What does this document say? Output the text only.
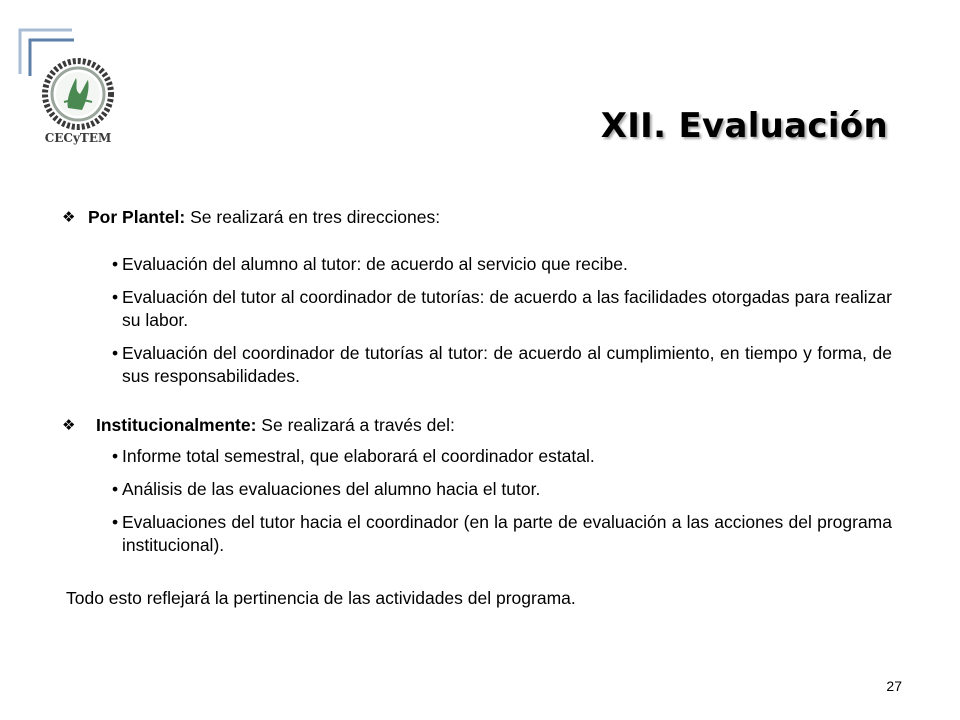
CECyTEM	XII. Evaluación
❖ Por Plantel: Se realizará en tres direcciones:
• Evaluación del alumno al tutor: de acuerdo al servicio que recibe.
• Evaluación del tutor al coordinador de tutorías: de acuerdo a las facilidades otorgadas para realizar su labor.
• Evaluación del coordinador de tutorías al tutor: de acuerdo al cumplimiento, en tiempo y forma, de sus responsabilidades.
❖	Institucionalmente: Se realizará a través del:
• Informe total semestral, que elaborará el coordinador estatal.
• Análisis de las evaluaciones del alumno hacia el tutor.
• Evaluaciones del tutor hacia el coordinador (en la parte de evaluación a las acciones del programa institucional).
Todo esto reflejará la pertinencia de las actividades del programa.
27
